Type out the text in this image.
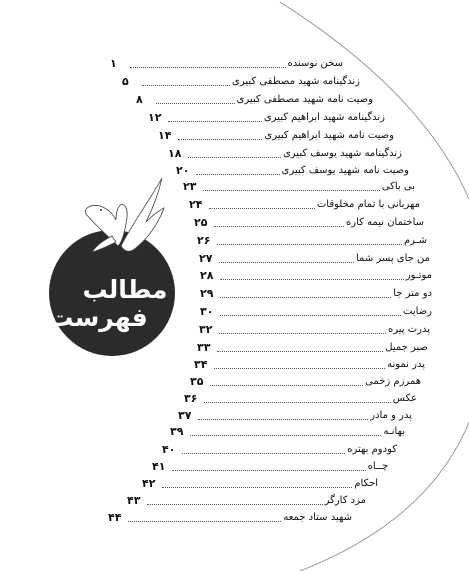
مطالب
فهرست
سخن نوسنده
۱
زندگینامه شهید مصطفی کبیری
۵
وصیت نامه شهید مصطفی کبیری
۸
زندگینامه شهید ابراهیم کبیری
۱۲
وصیت نامه شهید ابراهیم کبیری
۱۴
زندگینامه شهید یوسف کبیری
۱۸
وصیت نامه شهید یوسف کبیری
۲۰
بی باکی
۲۳
مهربانی با تمام مخلوقات
۲۴
ساختمان نیمه کاره
۲۵
شـرم
۲۶
من جای پسر شما
۲۷
موتـور
۲۸
دو متر جا
۲۹
رضایت
۳۰
پدرت پیره
۳۲
صبر جمیل
۳۳
پدر نمونه
۳۴
همرزم زخمی
۳۵
عکس
۳۶
پدر و مادر
۳۷
بهانـه
۳۹
کودوم بهتره
۴۰
چــاه
۴۱
احکام
۴۲
مزد کارگر
۴۳
شهید ستاد جمعه
۴۴
